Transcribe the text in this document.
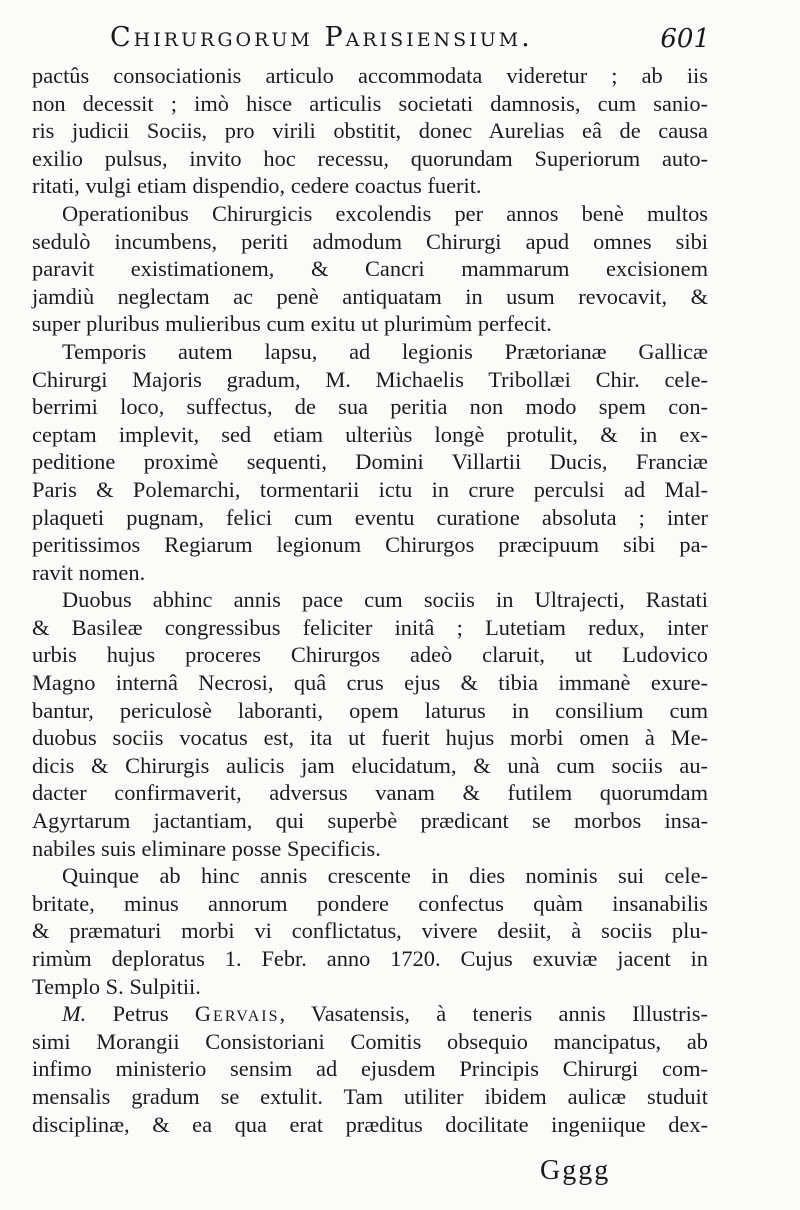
Chirurgorum Parisiensium.	601
pactûs consociationis articulo accommodata videretur ; ab iis
non decessit ; imò hisce articulis societati damnosis, cum sanio-
ris judicii Sociis, pro virili obstitit, donec Aurelias eâ de causa
exilio pulsus, invito hoc recessu, quorundam Superiorum auto-
ritati, vulgi etiam dispendio, cedere coactus fuerit.
Operationibus Chirurgicis excolendis per annos benè multos
sedulò incumbens, periti admodum Chirurgi apud omnes sibi
paravit existimationem, & Cancri mammarum excisionem
jamdiù neglectam ac penè antiquatam in usum revocavit, &
super pluribus mulieribus cum exitu ut plurimùm perfecit.
Temporis autem lapsu, ad legionis Prætorianæ Gallicæ
Chirurgi Majoris gradum, M. Michaelis Tribollæi Chir. cele-
berrimi loco, suffectus, de sua peritia non modo spem con-
ceptam implevit, sed etiam ulteriùs longè protulit, & in ex-
peditione proximè sequenti, Domini Villartii Ducis, Franciæ
Paris & Polemarchi, tormentarii ictu in crure perculsi ad Mal-
plaqueti pugnam, felici cum eventu curatione absoluta ; inter
peritissimos Regiarum legionum Chirurgos præcipuum sibi pa-
ravit nomen.
Duobus abhinc annis pace cum sociis in Ultrajecti, Rastati
& Basileæ congressibus feliciter initâ ; Lutetiam redux, inter
urbis hujus proceres Chirurgos adeò claruit, ut Ludovico
Magno internâ Necrosi, quâ crus ejus & tibia immanè exure-
bantur, periculosè laboranti, opem laturus in consilium cum
duobus sociis vocatus est, ita ut fuerit hujus morbi omen à Me-
dicis & Chirurgis aulicis jam elucidatum, & unà cum sociis au-
dacter confirmaverit, adversus vanam & futilem quorumdam
Agyrtarum jactantiam, qui superbè prædicant se morbos insa-
nabiles suis eliminare posse Specificis.
Quinque ab hinc annis crescente in dies nominis sui cele-
britate, minus annorum pondere confectus quàm insanabilis
& præmaturi morbi vi conflictatus, vivere desiit, à sociis plu-
rimùm deploratus 1. Febr. anno 1720. Cujus exuviæ jacent in
Templo S. Sulpitii.
M. Petrus Gervais, Vasatensis, à teneris annis Illustris-
simi Morangii Consistoriani Comitis obsequio mancipatus, ab
infimo ministerio sensim ad ejusdem Principis Chirurgi com-
mensalis gradum se extulit. Tam utiliter ibidem aulicæ studuit
disciplinæ, & ea qua erat præditus docilitate ingeniique dex-
Gggg
